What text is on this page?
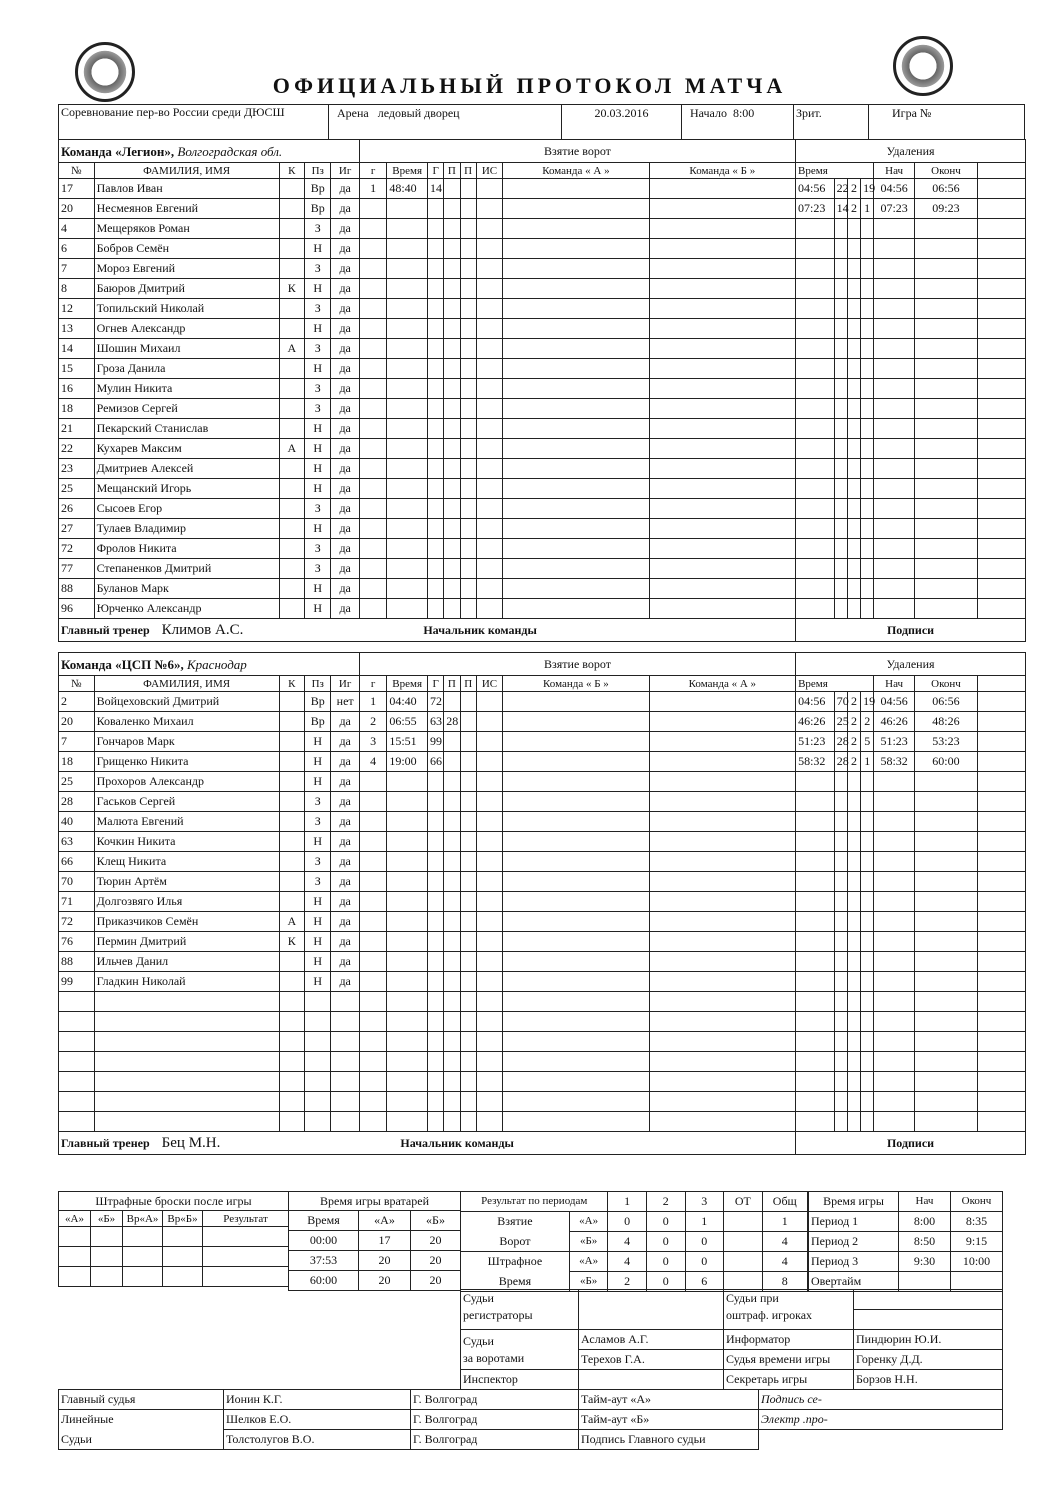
ОФИЦИАЛЬНЫЙ ПРОТОКОЛ МАТЧА
Соревнование пер-во России среди ДЮСШ	Арена ледовый дворец	20.03.2016	Начало 8:00	Зрит.	Игра №
Команда «Легион», Волгоградская обл.					Взятие ворот								Удаления						
№	ФАМИЛИЯ, ИМЯ	К	Пз	Иг	г	Время	Г	П	П	ИС	Команда « А »	Команда « Б »	Время				Нач	Оконч	
17	Павлов Иван		Вр	да	1	48:40	14						04:56	22	2	19	04:56	06:56	
20	Несмеянов Евгений		Вр	да									07:23	14	2	1	07:23	09:23	
4	Мещеряков Роман		З	да															
6	Бобров Семён		Н	да															
7	Мороз Евгений		З	да															
8	Баюров Дмитрий	К	Н	да															
12	Топильский Николай		З	да															
13	Огнев Александр		Н	да															
14	Шошин Михаил	А	З	да															
15	Гроза Данила		Н	да															
16	Мулин Никита		З	да															
18	Ремизов Сергей		З	да															
21	Пекарский Станислав		Н	да															
22	Кухарев Максим	А	Н	да															
23	Дмитриев Алексей		Н	да															
25	Мещанский Игорь		Н	да															
26	Сысоев Егор		З	да															
27	Тулаев Владимир		Н	да															
72	Фролов Никита		З	да															
77	Степаненков Дмитрий		З	да															
88	Буланов Марк		Н	да															
96	Юрченко Александр		Н	да															
Главный тренер Климов А.С. Начальник команды													Подписи						
Команда «ЦСП №6», Краснодар					Взятие ворот								Удаления						
№	ФАМИЛИЯ, ИМЯ	К	Пз	Иг	г	Время	Г	П	П	ИС	Команда « Б »	Команда « А »	Время				Нач	Оконч	
2	Войцеховский Дмитрий		Вр	нет	1	04:40	72						04:56	70	2	19	04:56	06:56	
20	Коваленко Михаил		Вр	да	2	06:55	63	28					46:26	25	2	2	46:26	48:26	
7	Гончаров Марк		Н	да	3	15:51	99						51:23	28	2	5	51:23	53:23	
18	Грищенко Никита		Н	да	4	19:00	66						58:32	28	2	1	58:32	60:00	
25	Прохоров Александр		Н	да															
28	Гаськов Сергей		З	да															
40	Малюта Евгений		З	да															
63	Кочкин Никита		Н	да															
66	Клещ Никита		З	да															
70	Тюрин Артём		З	да															
71	Долгозвяго Илья		Н	да															
72	Приказчиков Семён	А	Н	да															
76	Пермин Дмитрий	К	Н	да															
88	Ильчев Данил		Н	да															
99	Гладкин Николай		Н	да															

Главный тренер Бец М.Н. Начальник команды													Подписи						
Штрафные броски после игры				
«А»	«Б»	Вр«А»	Вр«Б»	Результат

Время игры вратарей		
Время	«А»	«Б»
00:00	17	20
37:53	20	20
60:00	20	20
Результат по периодам		1	2	3	ОТ	Общ
Взятие	«А»	0	0	1		1
Ворот	«Б»	4	0	0		4
Штрафное	«А»	4	0	0		4
Время	«Б»	2	0	6		8
Время игры	Нач	Оконч
Период 1	8:00	8:35
Период 2	8:50	9:15
Период 3	9:30	10:00
Овертайм		
Судьи
регистраторы		Судьи при
оштраф. игроках	

Судьи
за воротами	Асламов А.Г.	Информатор	Пиндюрин Ю.И.
	Терехов Г.А.	Судья времени игры	Горенку Д.Д.
Инспектор		Секретарь игры	Борзов Н.Н.
Главный судья	Ионин К.Г.	Г. Волгоград	Тайм-аут «А»	Подпись се-
Линейные	Шелков Е.О.	Г. Волгоград	Тайм-аут «Б»	Электр .про-
Судьи	Толстолугов В.О.	Г. Волгоград	Подпись Главного судьи	
